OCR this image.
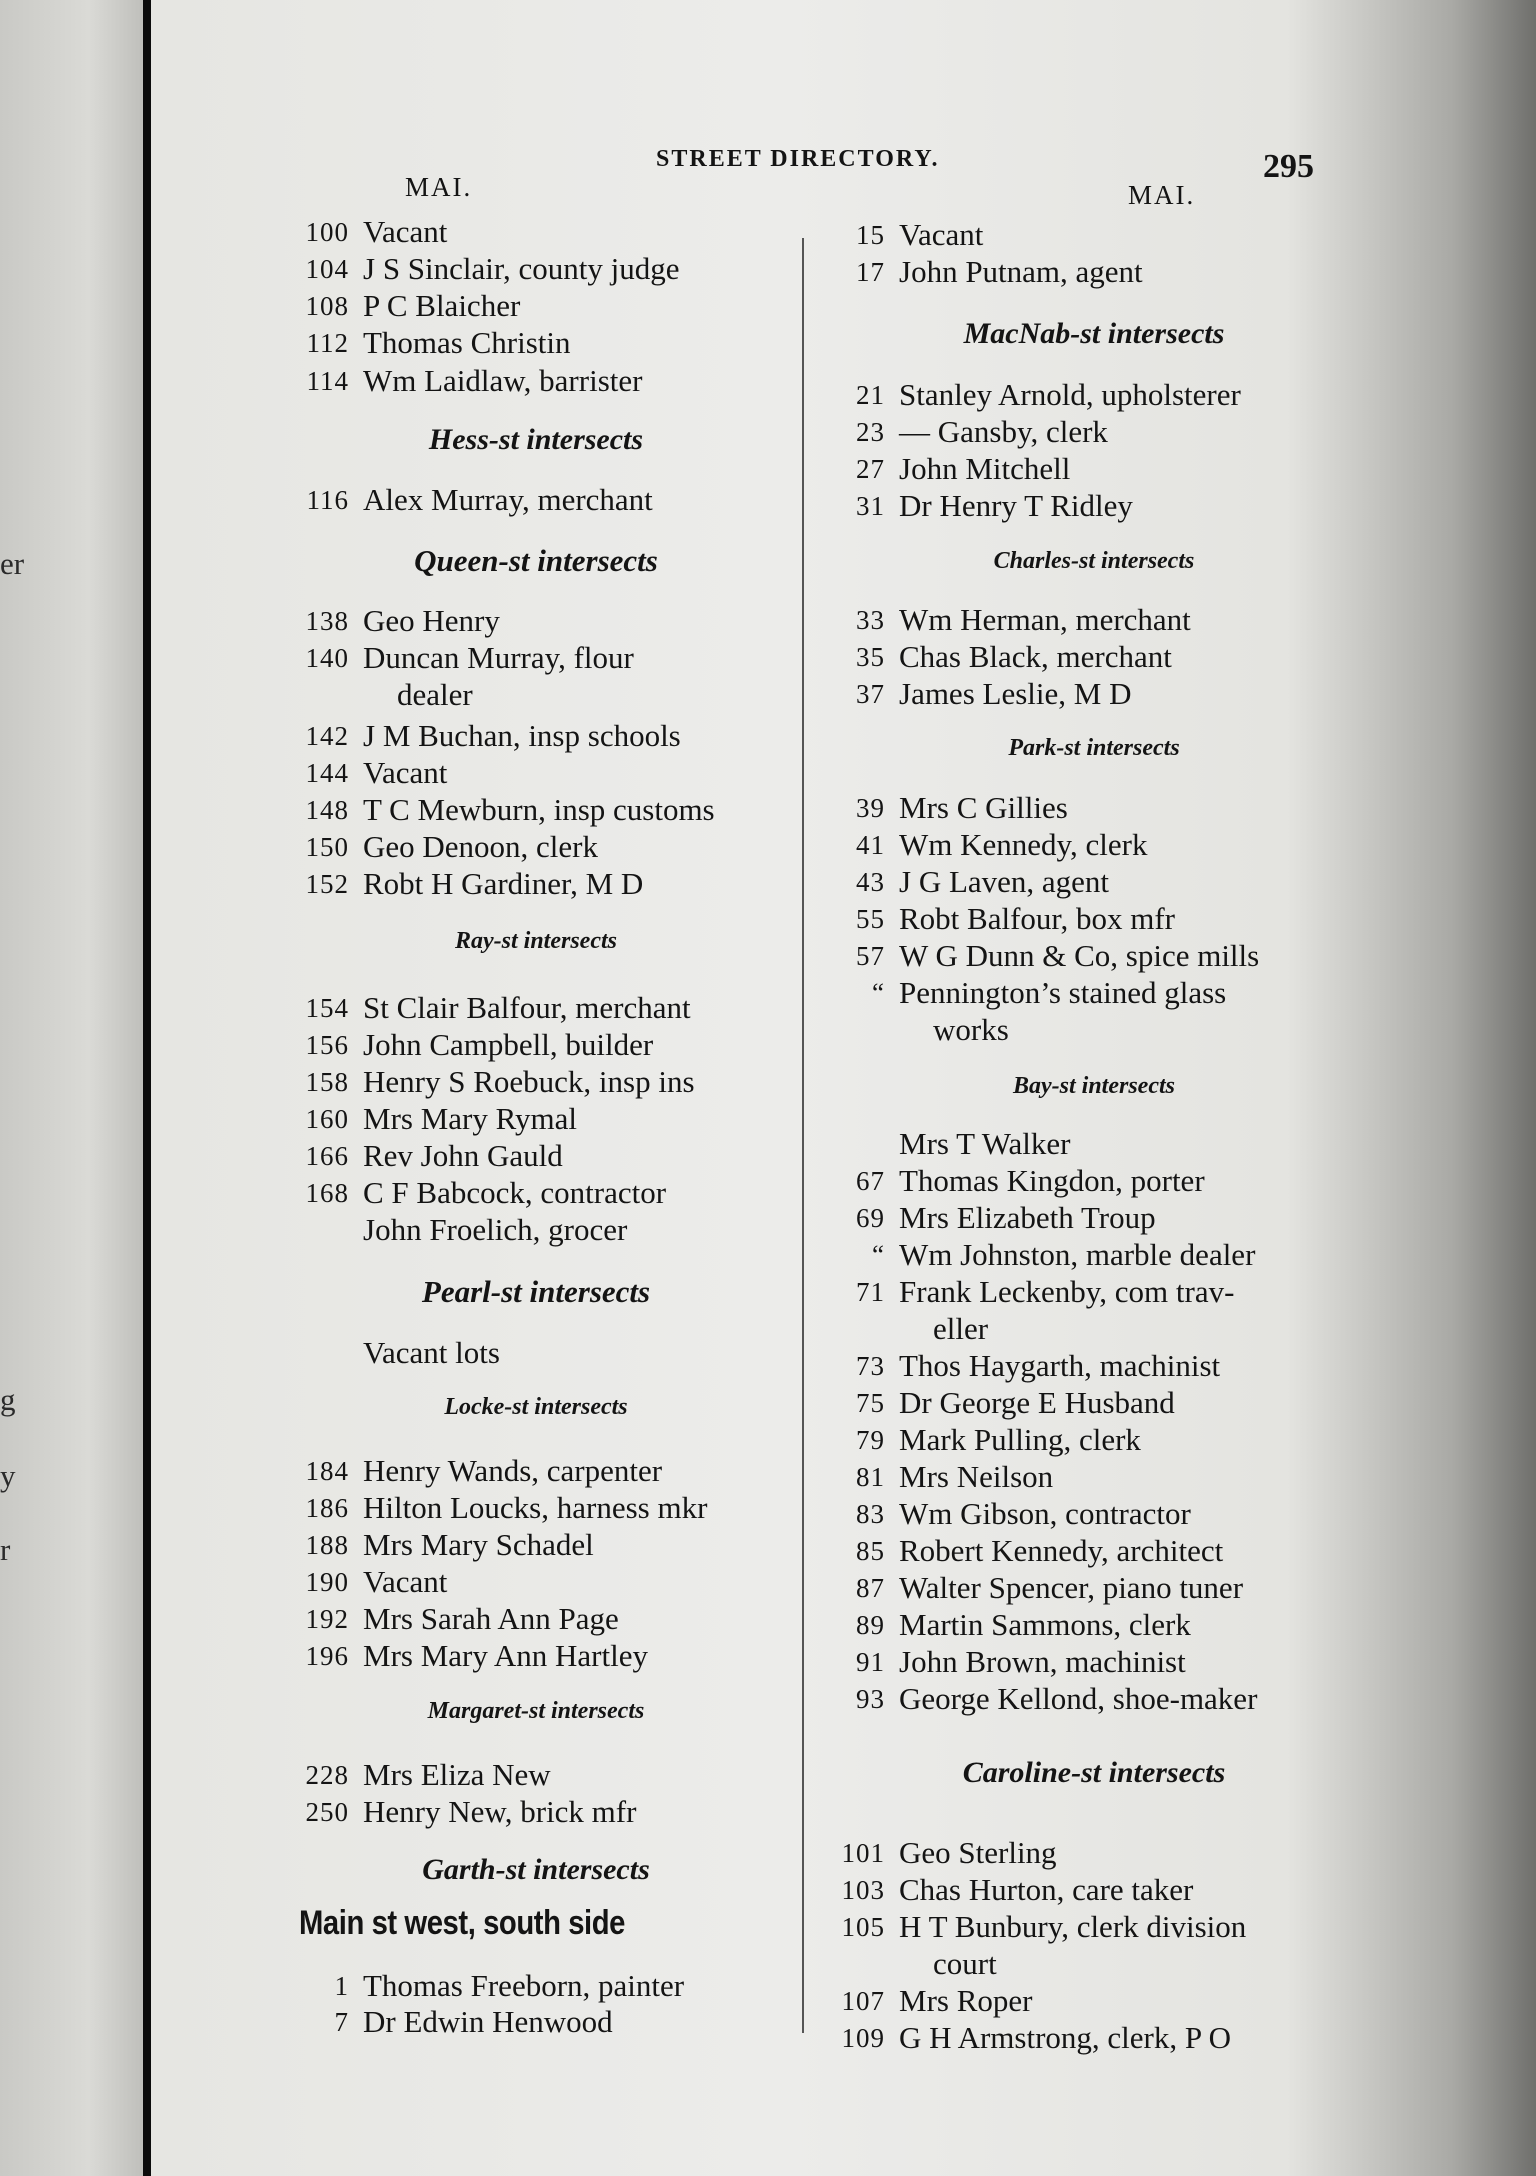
er
g
y
r
STREET DIRECTORY.	295
MAI.	MAI.
100 Vacant
104 J S Sinclair, county judge
108 P C Blaicher
112 Thomas Christin
114 Wm Laidlaw, barrister
Hess-st intersects
116 Alex Murray, merchant
Queen-st intersects
138 Geo Henry
140 Duncan Murray, flour
dealer
142 J M Buchan, insp schools
144 Vacant
148 T C Mewburn, insp customs
150 Geo Denoon, clerk
152 Robt H Gardiner, M D
Ray-st intersects
154 St Clair Balfour, merchant
156 John Campbell, builder
158 Henry S Roebuck, insp ins
160 Mrs Mary Rymal
166 Rev John Gauld
168 C F Babcock, contractor
John Froelich, grocer
Pearl-st intersects
Vacant lots
Locke-st intersects
184 Henry Wands, carpenter
186 Hilton Loucks, harness mkr
188 Mrs Mary Schadel
190 Vacant
192 Mrs Sarah Ann Page
196 Mrs Mary Ann Hartley
Margaret-st intersects
228 Mrs Eliza New
250 Henry New, brick mfr
Garth-st intersects
Main st west, south side
1 Thomas Freeborn, painter
7 Dr Edwin Henwood
15 Vacant
17 John Putnam, agent
MacNab-st intersects
21 Stanley Arnold, upholsterer
23 — Gansby, clerk
27 John Mitchell
31 Dr Henry T Ridley
Charles-st intersects
33 Wm Herman, merchant
35 Chas Black, merchant
37 James Leslie, M D
Park-st intersects
39 Mrs C Gillies
41 Wm Kennedy, clerk
43 J G Laven, agent
55 Robt Balfour, box mfr
57 W G Dunn & Co, spice mills
“ Pennington’s stained glass
works
Bay-st intersects
Mrs T Walker
67 Thomas Kingdon, porter
69 Mrs Elizabeth Troup
“ Wm Johnston, marble dealer
71 Frank Leckenby, com trav-
eller
73 Thos Haygarth, machinist
75 Dr George E Husband
79 Mark Pulling, clerk
81 Mrs Neilson
83 Wm Gibson, contractor
85 Robert Kennedy, architect
87 Walter Spencer, piano tuner
89 Martin Sammons, clerk
91 John Brown, machinist
93 George Kellond, shoe-maker
Caroline-st intersects
101 Geo Sterling
103 Chas Hurton, care taker
105 H T Bunbury, clerk division
court
107 Mrs Roper
109 G H Armstrong, clerk, P O
